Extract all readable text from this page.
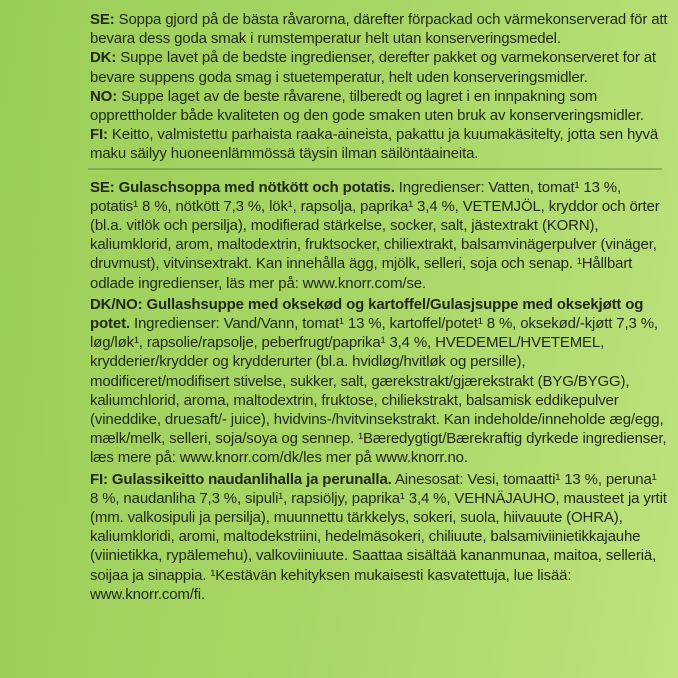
SE: Soppa gjord på de bästa råvarorna, därefter förpackad och värmekonserverad för att bevara dess goda smak i rumstemperatur helt utan konserveringsmedel.

DK: Suppe lavet på de bedste ingredienser, derefter pakket og varmekonserveret for at bevare suppens goda smag i stuetemperatur, helt uden konserveringsmidler.

NO: Suppe laget av de beste råvarene, tilberedt og lagret i en innpakning som opprettholder både kvaliteten og den gode smaken uten bruk av konserveringsmidler.

FI: Keitto, valmistettu parhaista raaka-aineista, pakattu ja kuumakäsitelty, jotta sen hyvä maku säilyy huoneenlämmössä täysin ilman säilöntäaineita.

SE: Gulaschsoppa med nötkött och potatis. Ingredienser: Vatten, tomat¹ 13 %, potatis¹ 8 %, nötkött 7,3 %, lök¹, rapsolja, paprika¹ 3,4 %, VETEMJÖL, kryddor och örter (bl.a. vitlök och persilja), modifierad stärkelse, socker, salt, jästextrakt (KORN), kaliumklorid, arom, maltodextrin, fruktsocker, chiliextrakt, balsamvinägerpulver (vinäger, druvmust), vitvinsextrakt. Kan innehålla ägg, mjölk, selleri, soja och senap. ¹Hållbart odlade ingredienser, läs mer på: www.knorr.com/se.

DK/NO: Gullashsuppe med oksekød og kartoffel/Gulasjsuppe med oksekjøtt og potet. Ingredienser: Vand/Vann, tomat¹ 13 %, kartoffel/potet¹ 8 %, oksekød/-kjøtt 7,3 %, løg/løk¹, rapsolie/rapsolje, peberfrugt/paprika¹ 3,4 %, HVEDEMEL/HVETEMEL, krydderier/krydder og krydderurter (bl.a. hvidløg/hvitløk og persille), modificeret/modifisert stivelse, sukker, salt, gærekstrakt/gjærekstrakt (BYG/BYGG), kaliumchlorid, aroma, maltodextrin, fruktose, chiliekstrakt, balsamisk eddikepulver (vineddike, druesaft/- juice), hvidvins-/hvitvinsekstrakt. Kan indeholde/inneholde æg/egg, mælk/melk, selleri, soja/soya og sennep. ¹Bæredygtigt/Bærekraftig dyrkede ingredienser, læs mere på: www.knorr.com/dk/les mer på www.knorr.no.

FI: Gulassikeitto naudanlihalla ja perunalla. Ainesosat: Vesi, tomaatti¹ 13 %, peruna¹ 8 %, naudanliha 7,3 %, sipuli¹, rapsiöljy, paprika¹ 3,4 %, VEHNÄJAUHO, mausteet ja yrtit (mm. valkosipuli ja persilja), muunnettu tärkkelys, sokeri, suola, hiivauute (OHRA), kaliumkloridi, aromi, maltodekstriini, hedelmäsokeri, chiliuute, balsamiviinietikkajauhe (viinietikka, rypälemehu), valkoviiniuute. Saattaa sisältää kananmunaa, maitoa, selleriä, soijaa ja sinappia. ¹Kestävän kehityksen mukaisesti kasvatettuja, lue lisää: www.knorr.com/fi.
